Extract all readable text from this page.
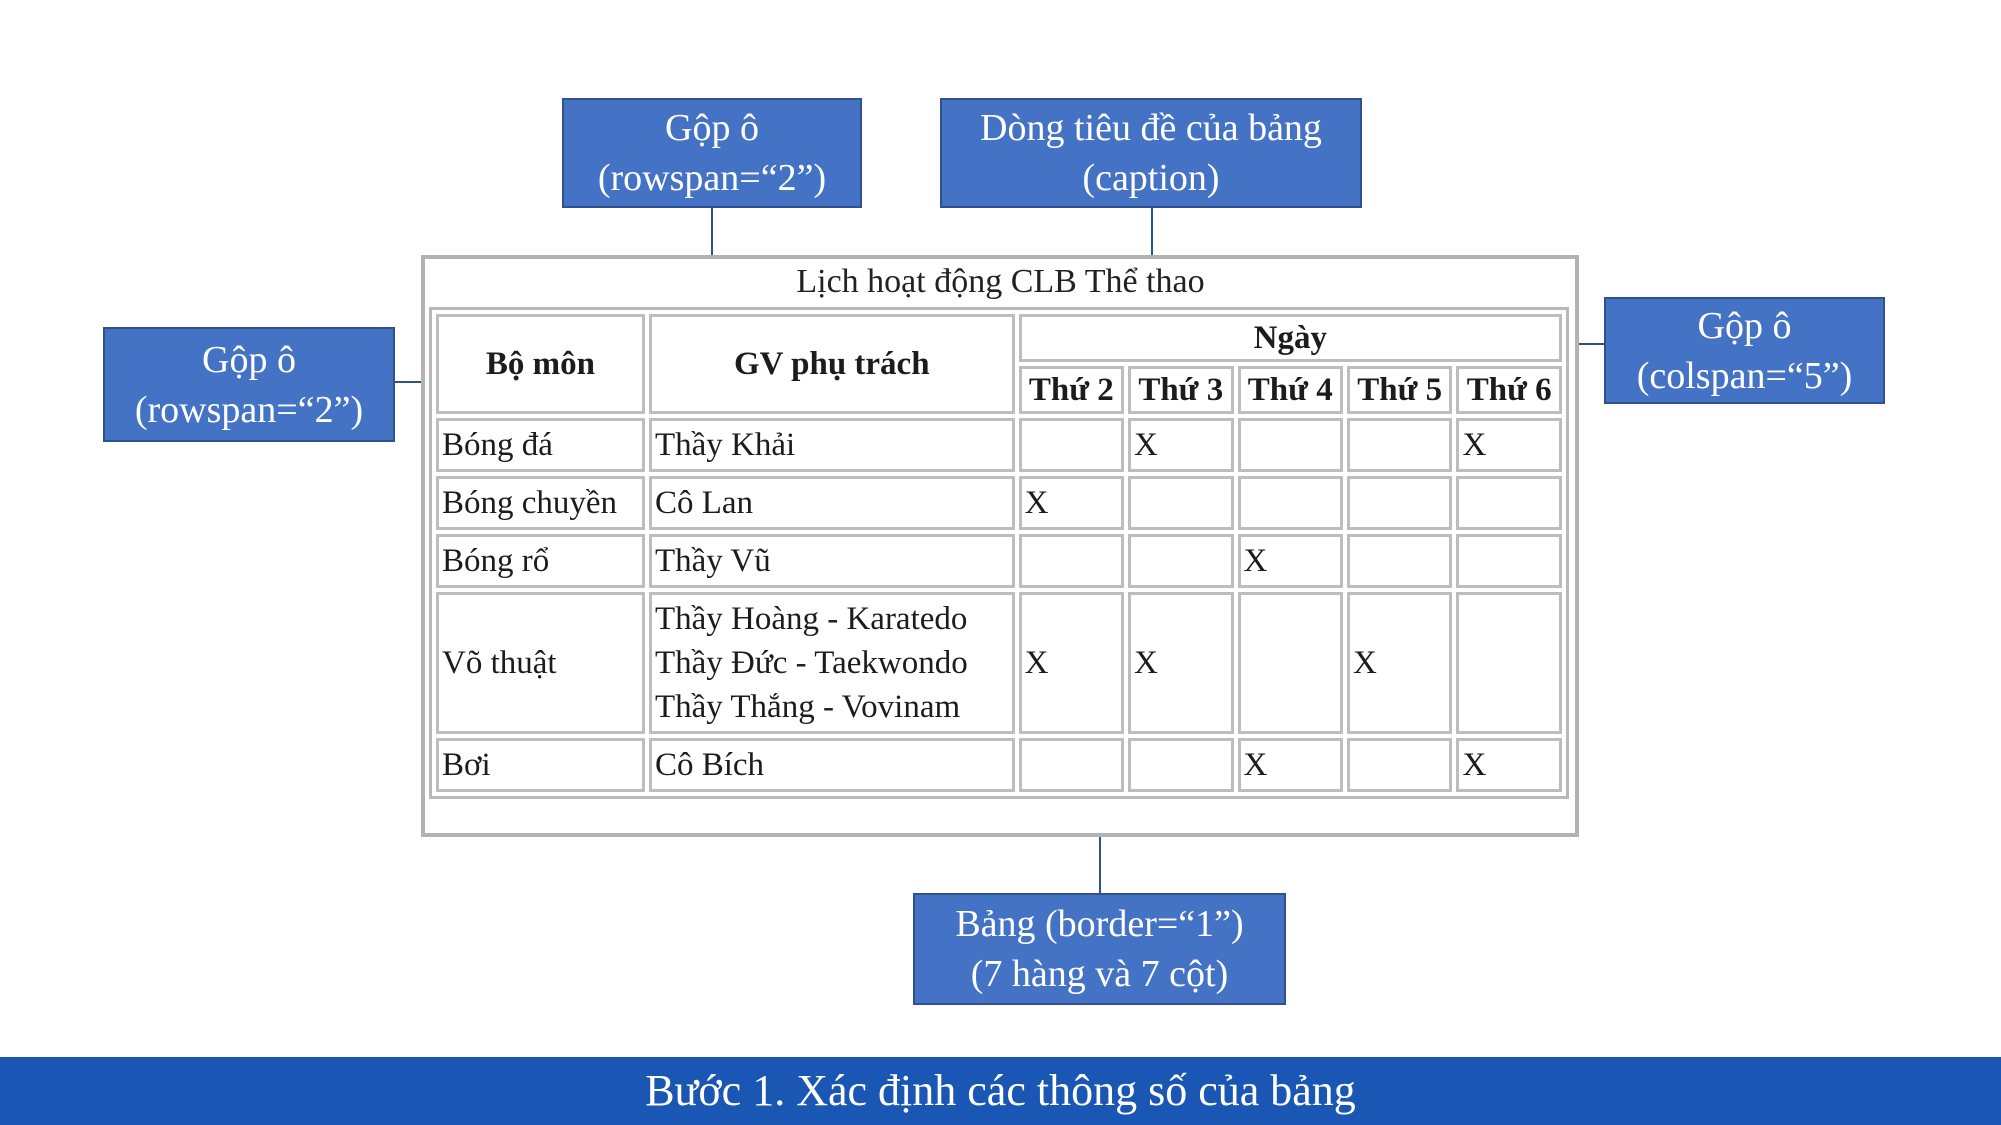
Gộp ô
(rowspan=“2”)
Dòng tiêu đề của bảng
(caption)
Gộp ô
(rowspan=“2”)
Gộp ô
(colspan=“5”)
Bảng (border=“1”)
(7 hàng và 7 cột)
Lịch hoạt động CLB Thể thao
Bộ môn	GV phụ trách	Ngày				
		Thứ 2	Thứ 3	Thứ 4	Thứ 5	Thứ 6
Bóng đá	Thầy Khải		X			X
Bóng chuyền	Cô Lan	X				
Bóng rổ	Thầy Vũ			X		
Võ thuật	Thầy Hoàng - Karatedo
Thầy Đức - Taekwondo
Thầy Thắng - Vovinam	X	X		X	
Bơi	Cô Bích			X		X
Bước 1. Xác định các thông số của bảng
